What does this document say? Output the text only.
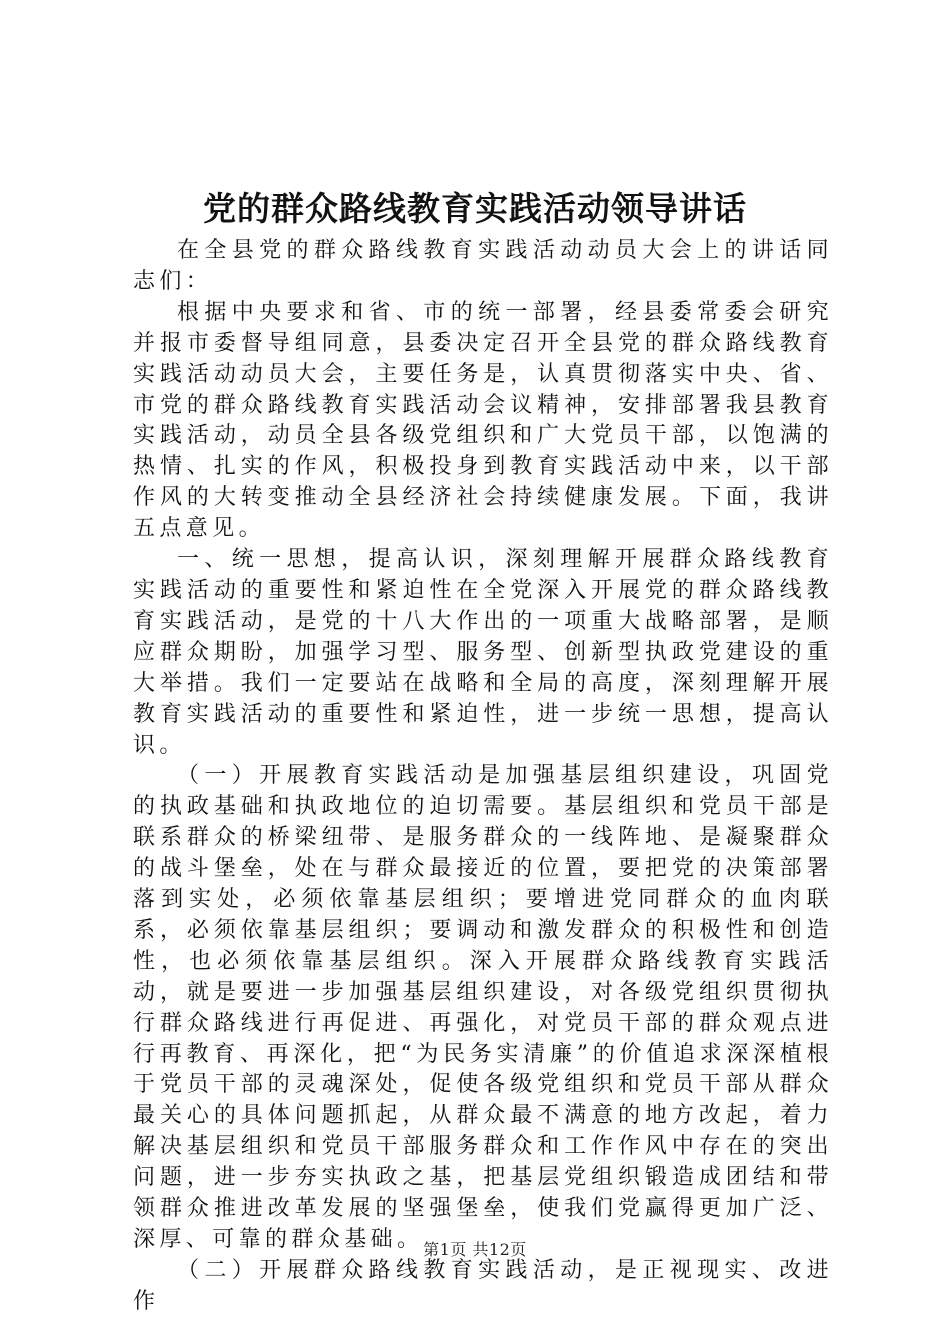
党的群众路线教育实践活动领导讲话

在全县党的群众路线教育实践活动动员大会上的讲话同志们：

根据中央要求和省、市的统一部署，经县委常委会研究并报市委督导组同意，县委决定召开全县党的群众路线教育实践活动动员大会，主要任务是，认真贯彻落实中央、省、市党的群众路线教育实践活动会议精神，安排部署我县教育实践活动，动员全县各级党组织和广大党员干部，以饱满的热情、扎实的作风，积极投身到教育实践活动中来，以干部作风的大转变推动全县经济社会持续健康发展。下面，我讲五点意见。

一、统一思想，提高认识，深刻理解开展群众路线教育实践活动的重要性和紧迫性在全党深入开展党的群众路线教育实践活动，是党的十八大作出的一项重大战略部署，是顺应群众期盼，加强学习型、服务型、创新型执政党建设的重大举措。我们一定要站在战略和全局的高度，深刻理解开展教育实践活动的重要性和紧迫性，进一步统一思想，提高认识。

（一）开展教育实践活动是加强基层组织建设，巩固党的执政基础和执政地位的迫切需要。基层组织和党员干部是联系群众的桥梁纽带、是服务群众的一线阵地、是凝聚群众的战斗堡垒，处在与群众最接近的位置，要把党的决策部署落到实处，必须依靠基层组织；要增进党同群众的血肉联系，必须依靠基层组织；要调动和激发群众的积极性和创造性，也必须依靠基层组织。深入开展群众路线教育实践活动，就是要进一步加强基层组织建设，对各级党组织贯彻执行群众路线进行再促进、再强化，对党员干部的群众观点进行再教育、再深化，把“为民务实清廉”的价值追求深深植根于党员干部的灵魂深处，促使各级党组织和党员干部从群众最关心的具体问题抓起，从群众最不满意的地方改起，着力解决基层组织和党员干部服务群众和工作作风中存在的突出问题，进一步夯实执政之基，把基层党组织锻造成团结和带领群众推进改革发展的坚强堡垒，使我们党赢得更加广泛、深厚、可靠的群众基础。

（二）开展群众路线教育实践活动，是正视现实、改进作

第1页 共12页
